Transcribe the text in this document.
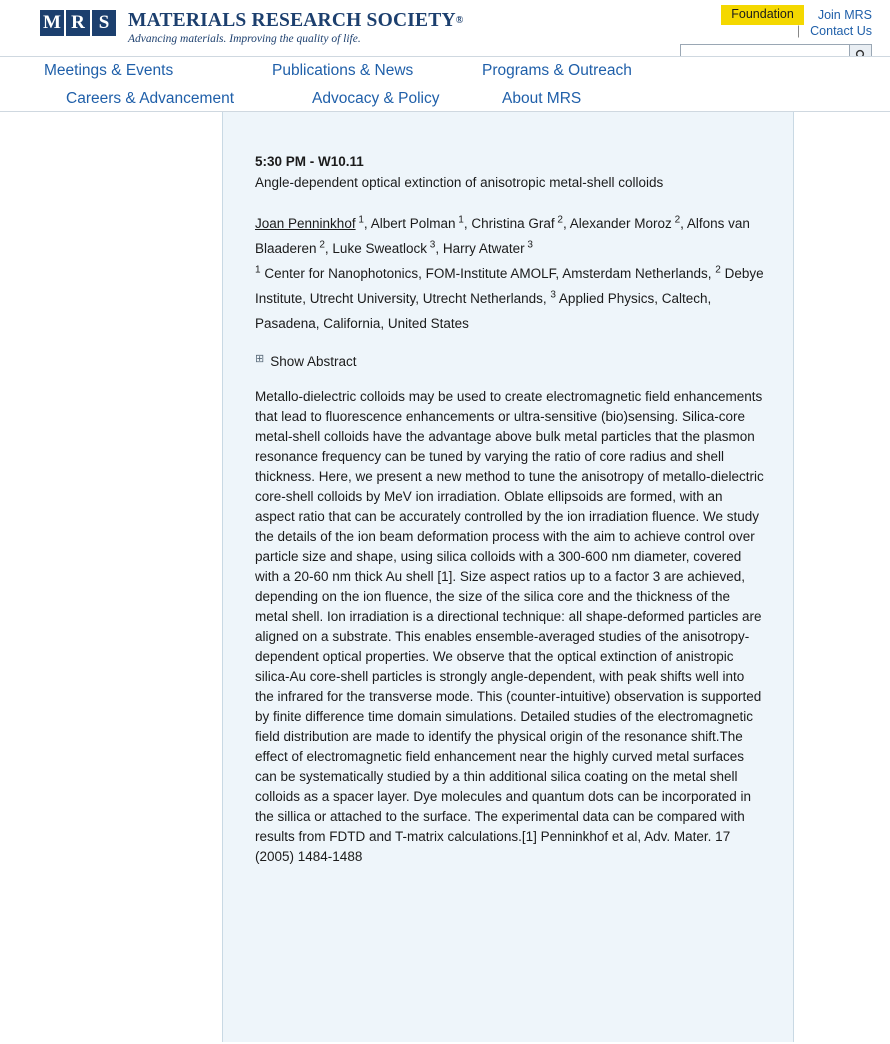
M R S MATERIALS RESEARCH SOCIETY®
Advancing materials. Improving the quality of life.
Foundation	Join MRS
| Contact Us
Meetings & Events	Publications & News	Programs & Outreach
Careers & Advancement	Advocacy & Policy	About MRS
5:30 PM - W10.11
Angle-dependent optical extinction of anisotropic metal-shell colloids
Joan Penninkhof $^1$, Albert Polman $^1$, Christina Graf $^2$, Alexander Moroz $^2$, Alfons van Blaaderen $^2$, Luke Sweatlock $^3$, Harry Atwater $^3$
$^1$ Center for Nanophotonics, FOM-Institute AMOLF, Amsterdam Netherlands, $^2$ Debye Institute, Utrecht University, Utrecht Netherlands, $^3$ Applied Physics, Caltech, Pasadena, California, United States
⊞ Show Abstract
Metallo-dielectric colloids may be used to create electromagnetic field enhancements that lead to fluorescence enhancements or ultra-sensitive (bio)sensing. Silica-core metal-shell colloids have the advantage above bulk metal particles that the plasmon resonance frequency can be tuned by varying the ratio of core radius and shell thickness. Here, we present a new method to tune the anisotropy of metallo-dielectric core-shell colloids by MeV ion irradiation. Oblate ellipsoids are formed, with an aspect ratio that can be accurately controlled by the ion irradiation fluence. We study the details of the ion beam deformation process with the aim to achieve control over particle size and shape, using silica colloids with a 300-600 nm diameter, covered with a 20-60 nm thick Au shell [1]. Size aspect ratios up to a factor 3 are achieved, depending on the ion fluence, the size of the silica core and the thickness of the metal shell. Ion irradiation is a directional technique: all shape-deformed particles are aligned on a substrate. This enables ensemble-averaged studies of the anisotropy-dependent optical properties. We observe that the optical extinction of anistropic silica-Au core-shell particles is strongly angle-dependent, with peak shifts well into the infrared for the transverse mode. This (counter-intuitive) observation is supported by finite difference time domain simulations. Detailed studies of the electromagnetic field distribution are made to identify the physical origin of the resonance shift.The effect of electromagnetic field enhancement near the highly curved metal surfaces can be systematically studied by a thin additional silica coating on the metal shell colloids as a spacer layer. Dye molecules and quantum dots can be incorporated in the sillica or attached to the surface. The experimental data can be compared with results from FDTD and T-matrix calculations.[1] Penninkhof et al, Adv. Mater. 17 (2005) 1484-1488
